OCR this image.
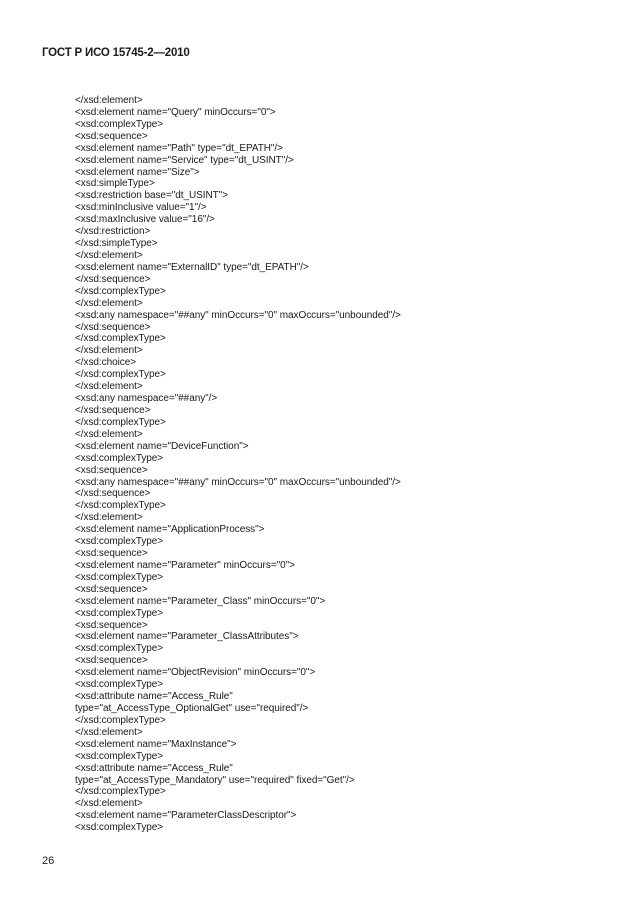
ГОСТ Р ИСО 15745-2—2010
</xsd:element>
<xsd:element name="Query" minOccurs="0">
<xsd:complexType>
<xsd:sequence>
<xsd:element name="Path" type="dt_EPATH"/>
<xsd:element name="Service" type="dt_USINT"/>
<xsd:element name="Size">
<xsd:simpleType>
<xsd:restriction base="dt_USINT">
<xsd:minInclusive value="1"/>
<xsd:maxInclusive value="16"/>
</xsd:restriction>
</xsd:simpleType>
</xsd:element>
<xsd:element name="ExternalID" type="dt_EPATH"/>
</xsd:sequence>
</xsd:complexType>
</xsd:element>
<xsd:any namespace="##any" minOccurs="0" maxOccurs="unbounded"/>
</xsd:sequence>
</xsd:complexType>
</xsd:element>
</xsd:choice>
</xsd:complexType>
</xsd:element>
<xsd:any namespace="##any"/>
</xsd:sequence>
</xsd:complexType>
</xsd:element>
<xsd:element name="DeviceFunction">
<xsd:complexType>
<xsd:sequence>
<xsd:any namespace="##any" minOccurs="0" maxOccurs="unbounded"/>
</xsd:sequence>
</xsd:complexType>
</xsd:element>
<xsd:element name="ApplicationProcess">
<xsd:complexType>
<xsd:sequence>
<xsd:element name="Parameter" minOccurs="0">
<xsd:complexType>
<xsd:sequence>
<xsd:element name="Parameter_Class" minOccurs="0">
<xsd:complexType>
<xsd:sequence>
<xsd:element name="Parameter_ClassAttributes">
<xsd:complexType>
<xsd:sequence>
<xsd:element name="ObjectRevision" minOccurs="0">
<xsd:complexType>
<xsd:attribute name="Access_Rule"
type="at_AccessType_OptionalGet" use="required"/>
</xsd:complexType>
</xsd:element>
<xsd:element name="MaxInstance">
<xsd:complexType>
<xsd:attribute name="Access_Rule"
type="at_AccessType_Mandatory" use="required" fixed="Get"/>
</xsd:complexType>
</xsd:element>
<xsd:element name="ParameterClassDescriptor">
<xsd:complexType>
26
